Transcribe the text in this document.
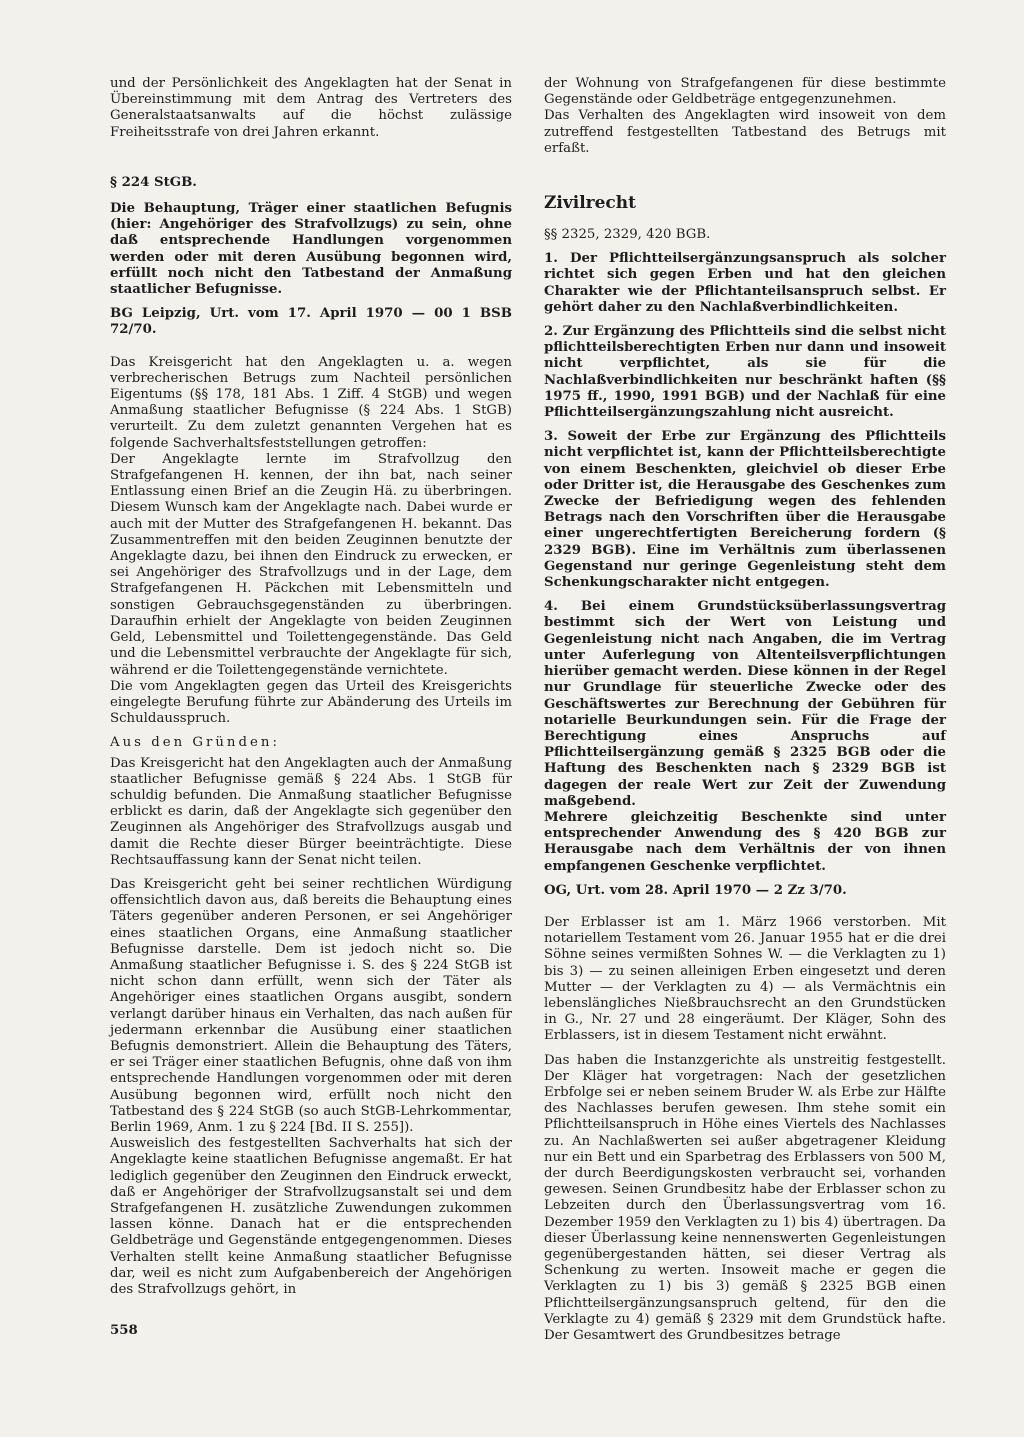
und der Persönlichkeit des Angeklagten hat der Senat in Übereinstimmung mit dem Antrag des Vertreters des Generalstaatsanwalts auf die höchst zulässige Freiheitsstrafe von drei Jahren erkannt.

§ 224 StGB.

Die Behauptung, Träger einer staatlichen Befugnis (hier: Angehöriger des Strafvollzugs) zu sein, ohne daß entsprechende Handlungen vorgenommen werden oder mit deren Ausübung begonnen wird, erfüllt noch nicht den Tatbestand der Anmaßung staatlicher Befugnisse.

BG Leipzig, Urt. vom 17. April 1970 — 00 1 BSB 72/70.

Das Kreisgericht hat den Angeklagten u. a. wegen verbrecherischen Betrugs zum Nachteil persönlichen Eigentums (§§ 178, 181 Abs. 1 Ziff. 4 StGB) und wegen Anmaßung staatlicher Befugnisse (§ 224 Abs. 1 StGB) verurteilt. Zu dem zuletzt genannten Vergehen hat es folgende Sachverhaltsfeststellungen getroffen:

Der Angeklagte lernte im Strafvollzug den Strafgefangenen H. kennen, der ihn bat, nach seiner Entlassung einen Brief an die Zeugin Hä. zu überbringen. Diesem Wunsch kam der Angeklagte nach. Dabei wurde er auch mit der Mutter des Strafgefangenen H. bekannt. Das Zusammentreffen mit den beiden Zeuginnen benutzte der Angeklagte dazu, bei ihnen den Eindruck zu erwecken, er sei Angehöriger des Strafvollzugs und in der Lage, dem Strafgefangenen H. Päckchen mit Lebensmitteln und sonstigen Gebrauchsgegenständen zu überbringen. Daraufhin erhielt der Angeklagte von beiden Zeuginnen Geld, Lebensmittel und Toilettengegenstände. Das Geld und die Lebensmittel verbrauchte der Angeklagte für sich, während er die Toilettengegenstände vernichtete.

Die vom Angeklagten gegen das Urteil des Kreisgerichts eingelegte Berufung führte zur Abänderung des Urteils im Schuldausspruch.

Aus den Gründen:

Das Kreisgericht hat den Angeklagten auch der Anmaßung staatlicher Befugnisse gemäß § 224 Abs. 1 StGB für schuldig befunden. Die Anmaßung staatlicher Befugnisse erblickt es darin, daß der Angeklagte sich gegenüber den Zeuginnen als Angehöriger des Strafvollzugs ausgab und damit die Rechte dieser Bürger beeinträchtigte. Diese Rechtsauffassung kann der Senat nicht teilen.

Das Kreisgericht geht bei seiner rechtlichen Würdigung offensichtlich davon aus, daß bereits die Behauptung eines Täters gegenüber anderen Personen, er sei Angehöriger eines staatlichen Organs, eine Anmaßung staatlicher Befugnisse darstelle. Dem ist jedoch nicht so. Die Anmaßung staatlicher Befugnisse i. S. des § 224 StGB ist nicht schon dann erfüllt, wenn sich der Täter als Angehöriger eines staatlichen Organs ausgibt, sondern verlangt darüber hinaus ein Verhalten, das nach außen für jedermann erkennbar die Ausübung einer staatlichen Befugnis demonstriert. Allein die Behauptung des Täters, er sei Träger einer staatlichen Befugnis, ohne daß von ihm entsprechende Handlungen vorgenommen oder mit deren Ausübung begonnen wird, erfüllt noch nicht den Tatbestand des § 224 StGB (so auch StGB-Lehrkommentar, Berlin 1969, Anm. 1 zu § 224 [Bd. II S. 255]).

Ausweislich des festgestellten Sachverhalts hat sich der Angeklagte keine staatlichen Befugnisse angemaßt. Er hat lediglich gegenüber den Zeuginnen den Eindruck erweckt, daß er Angehöriger der Strafvollzugsanstalt sei und dem Strafgefangenen H. zusätzliche Zuwendungen zukommen lassen könne. Danach hat er die entsprechenden Geldbeträge und Gegenstände entgegengenommen. Dieses Verhalten stellt keine Anmaßung staatlicher Befugnisse dar, weil es nicht zum Aufgabenbereich der Angehörigen des Strafvollzugs gehört, in

der Wohnung von Strafgefangenen für diese bestimmte Gegenstände oder Geldbeträge entgegenzunehmen.

Das Verhalten des Angeklagten wird insoweit von dem zutreffend festgestellten Tatbestand des Betrugs mit erfaßt.

Zivilrecht

§§ 2325, 2329, 420 BGB.

1. Der Pflichtteilsergänzungsanspruch als solcher richtet sich gegen Erben und hat den gleichen Charakter wie der Pflichtanteilsanspruch selbst. Er gehört daher zu den Nachlaßverbindlichkeiten.

2. Zur Ergänzung des Pflichtteils sind die selbst nicht pflichtteilsberechtigten Erben nur dann und insoweit nicht verpflichtet, als sie für die Nachlaßverbindlichkeiten nur beschränkt haften (§§ 1975 ff., 1990, 1991 BGB) und der Nachlaß für eine Pflichtteilsergänzungszahlung nicht ausreicht.

3. Soweit der Erbe zur Ergänzung des Pflichtteils nicht verpflichtet ist, kann der Pflichtteilsberechtigte von einem Beschenkten, gleichviel ob dieser Erbe oder Dritter ist, die Herausgabe des Geschenkes zum Zwecke der Befriedigung wegen des fehlenden Betrags nach den Vorschriften über die Herausgabe einer ungerechtfertigten Bereicherung fordern (§ 2329 BGB). Eine im Verhältnis zum überlassenen Gegenstand nur geringe Gegenleistung steht dem Schenkungscharakter nicht entgegen.

4. Bei einem Grundstücksüberlassungsvertrag bestimmt sich der Wert von Leistung und Gegenleistung nicht nach Angaben, die im Vertrag unter Auferlegung von Altenteilsverpflichtungen hierüber gemacht werden. Diese können in der Regel nur Grundlage für steuerliche Zwecke oder des Geschäftswertes zur Berechnung der Gebühren für notarielle Beurkundungen sein. Für die Frage der Berechtigung eines Anspruchs auf Pflichtteilsergänzung gemäß § 2325 BGB oder die Haftung des Beschenkten nach § 2329 BGB ist dagegen der reale Wert zur Zeit der Zuwendung maßgebend.

Mehrere gleichzeitig Beschenkte sind unter entsprechender Anwendung des § 420 BGB zur Herausgabe nach dem Verhältnis der von ihnen empfangenen Geschenke verpflichtet.

OG, Urt. vom 28. April 1970 — 2 Zz 3/70.

Der Erblasser ist am 1. März 1966 verstorben. Mit notariellem Testament vom 26. Januar 1955 hat er die drei Söhne seines vermißten Sohnes W. — die Verklagten zu 1) bis 3) — zu seinen alleinigen Erben eingesetzt und deren Mutter — der Verklagten zu 4) — als Vermächtnis ein lebenslängliches Nießbrauchsrecht an den Grundstücken in G., Nr. 27 und 28 eingeräumt. Der Kläger, Sohn des Erblassers, ist in diesem Testament nicht erwähnt.

Das haben die Instanzgerichte als unstreitig festgestellt. Der Kläger hat vorgetragen: Nach der gesetzlichen Erbfolge sei er neben seinem Bruder W. als Erbe zur Hälfte des Nachlasses berufen gewesen. Ihm stehe somit ein Pflichtteilsanspruch in Höhe eines Viertels des Nachlasses zu. An Nachlaßwerten sei außer abgetragener Kleidung nur ein Bett und ein Sparbetrag des Erblassers von 500 M, der durch Beerdigungskosten verbraucht sei, vorhanden gewesen. Seinen Grundbesitz habe der Erblasser schon zu Lebzeiten durch den Überlassungsvertrag vom 16. Dezember 1959 den Verklagten zu 1) bis 4) übertragen. Da dieser Überlassung keine nennenswerten Gegenleistungen gegenübergestanden hätten, sei dieser Vertrag als Schenkung zu werten. Insoweit mache er gegen die Verklagten zu 1) bis 3) gemäß § 2325 BGB einen Pflichtteilsergänzungsanspruch geltend, für den die Verklagte zu 4) gemäß § 2329 mit dem Grundstück hafte. Der Gesamtwert des Grundbesitzes betrage

558
